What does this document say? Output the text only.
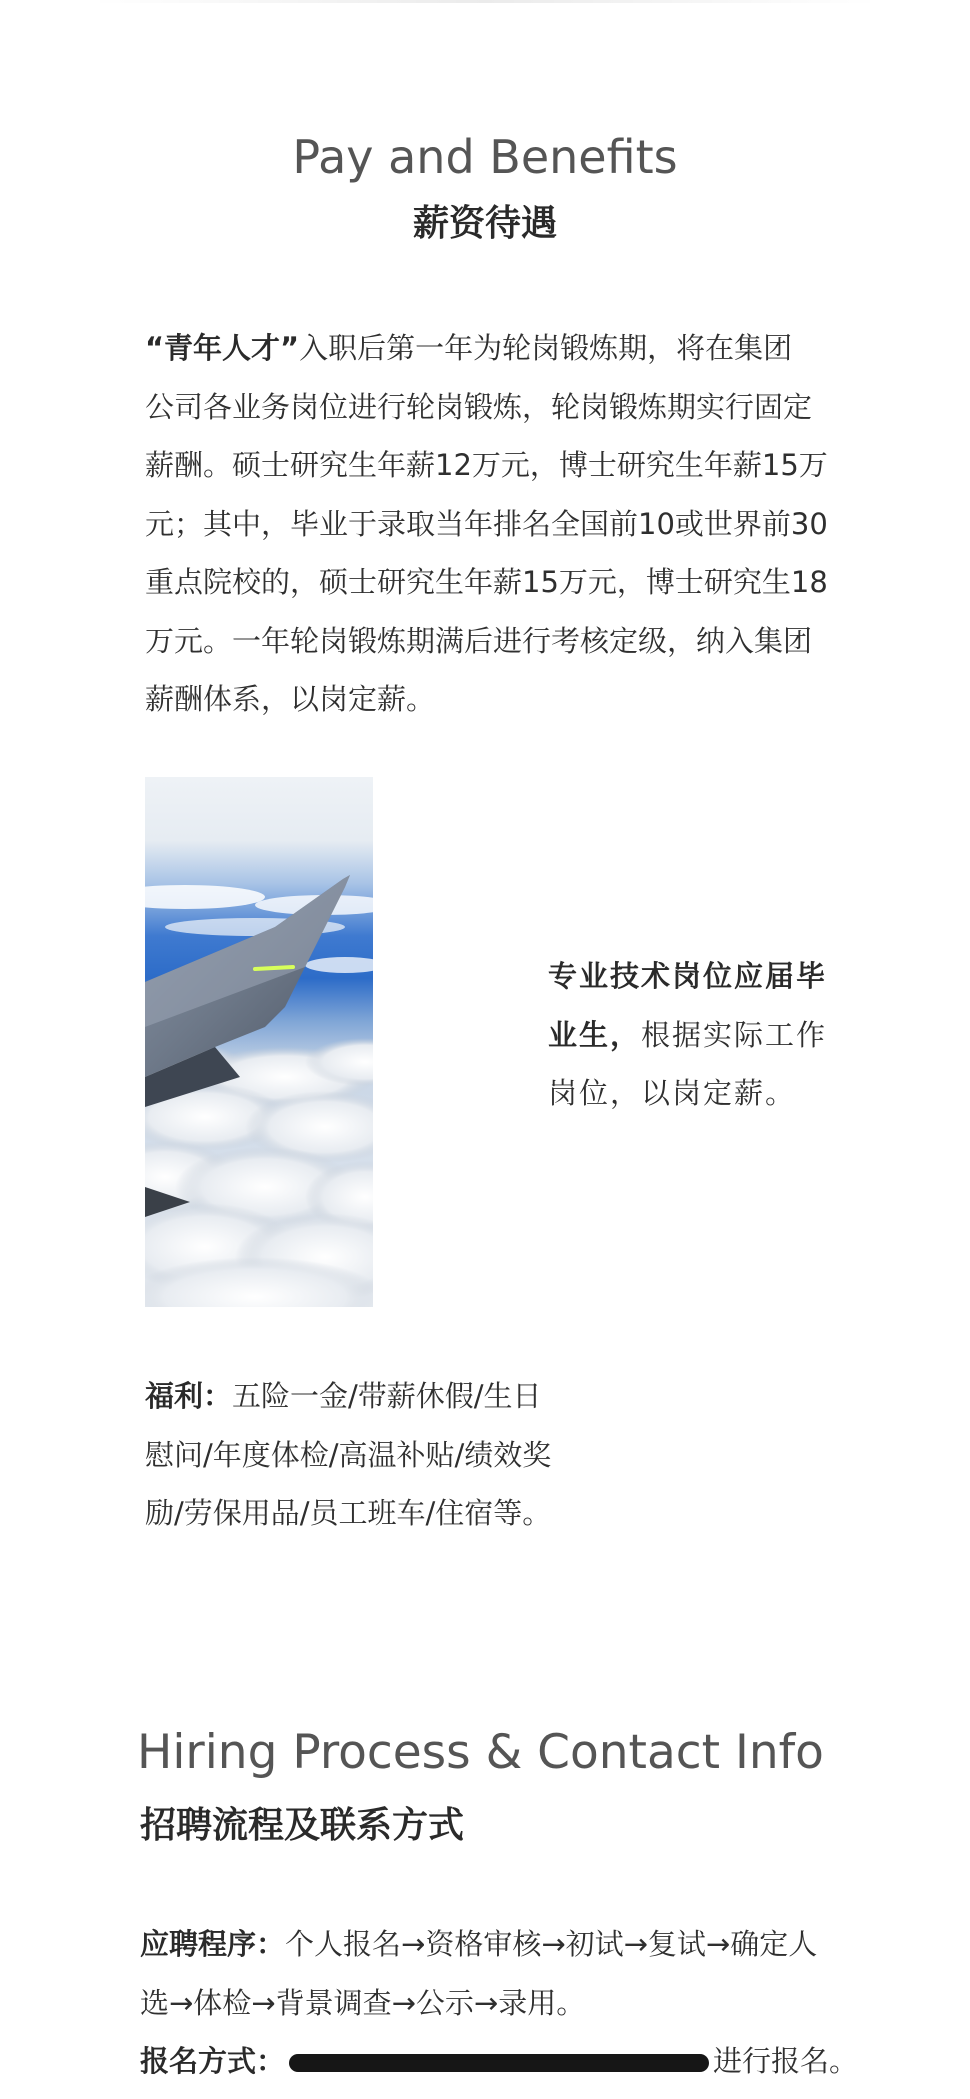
Pay and Benefits
薪资待遇
“青年人才”入职后第一年为轮岗锻炼期，将在集团
公司各业务岗位进行轮岗锻炼，轮岗锻炼期实行固定
薪酬。硕士研究生年薪12万元，博士研究生年薪15万
元；其中，毕业于录取当年排名全国前10或世界前30
重点院校的，硕士研究生年薪15万元，博士研究生18
万元。一年轮岗锻炼期满后进行考核定级，纳入集团
薪酬体系，以岗定薪。
专业技术岗位应届毕
业生，根据实际工作
岗位，以岗定薪。
福利：五险一金/带薪休假/生日
慰问/年度体检/高温补贴/绩效奖
励/劳保用品/员工班车/住宿等。
Hiring Process & Contact Info
招聘流程及联系方式
应聘程序：个人报名→资格审核→初试→复试→确定人
选→体检→背景调查→公示→录用。
报名方式：	进行报名。
